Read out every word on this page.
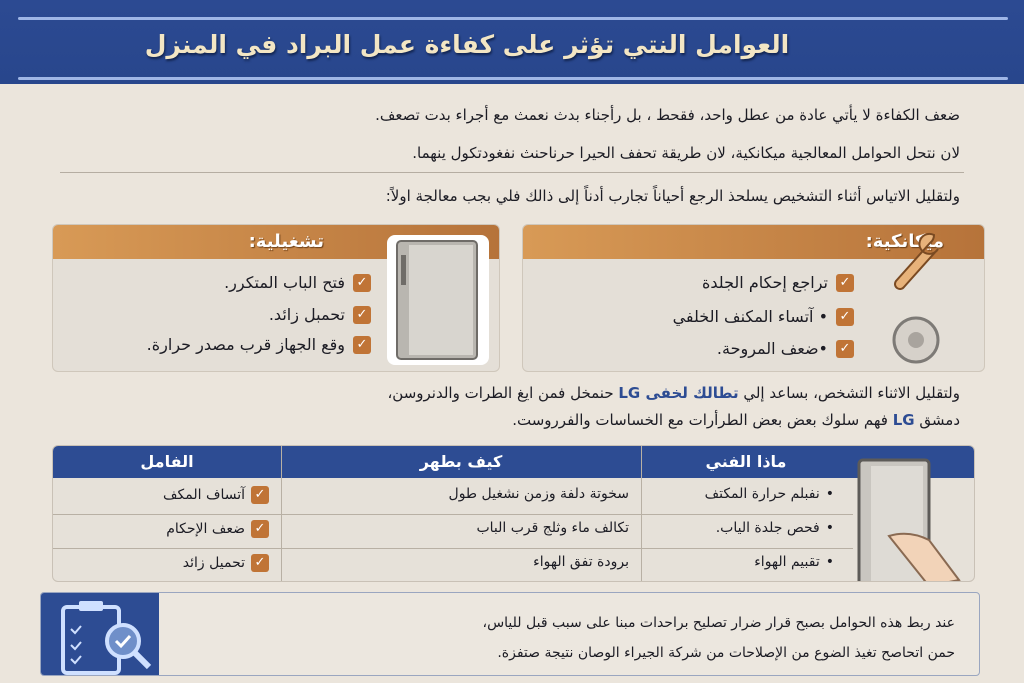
العوامل النتي تؤثر على كفاءة عمل البراد في المنزل
ضعف الكفاءة لا يأتي عادة من عطل واحد، فقحط ، بل رأجناء بدث نعمث مع أجراء بدت تصعف.
لان نتحل الحوامل المعالجية ميكانكية، لان طريقة تحفف الحيرا حرناحنث نفغودتكول ينهما.
ولتقليل الاتياس أثناء التشخيص يسلحذ الرجع أحياناً تجارب أدناً إلى ذالك فلي بجب معالجة اولاً:
ميكانكية:
✓
تراجع إحكام الجلدة
✓
• آتساء المكنف الخلفي
✓
•ضعف المروحة.
تشغيلية:
✓
فتح الباب المتكرر.
✓
تحمبل زائد.
✓
وقع الجهاز قرب مصدر حرارة.
ولتقليل الاثناء التشخص، بساعد إلي تطالك لخفى LG حنمخل فمن ايغ الطرات والدنروسن،
دمشق LG فهم سلوك بعض بعض الطرأرات مع الخساسات والفرروست.
ماذا الفني
كيف بطهر
الفامل
•
نفبلم حرارة المكتف
سخوتة دلفة وزمن نشغيل طول
✓
آتساف المكف
•
فحص جلدة الياب.
تكالف ماء وثلج قرب الباب
✓
ضعف الإحكام
•
تقبيم الهواء
برودة تفق الهواء
✓
تحميل زائد
عند ربط هذه الحوامل بصبح قرار ضرار تصليح براحدات مبنا على سبب قبل للياس،
حمن اتحاصح تغيذ الضوع من الإصلاحات من شركة الجيراء الوصان نتيجة صتفزة.
